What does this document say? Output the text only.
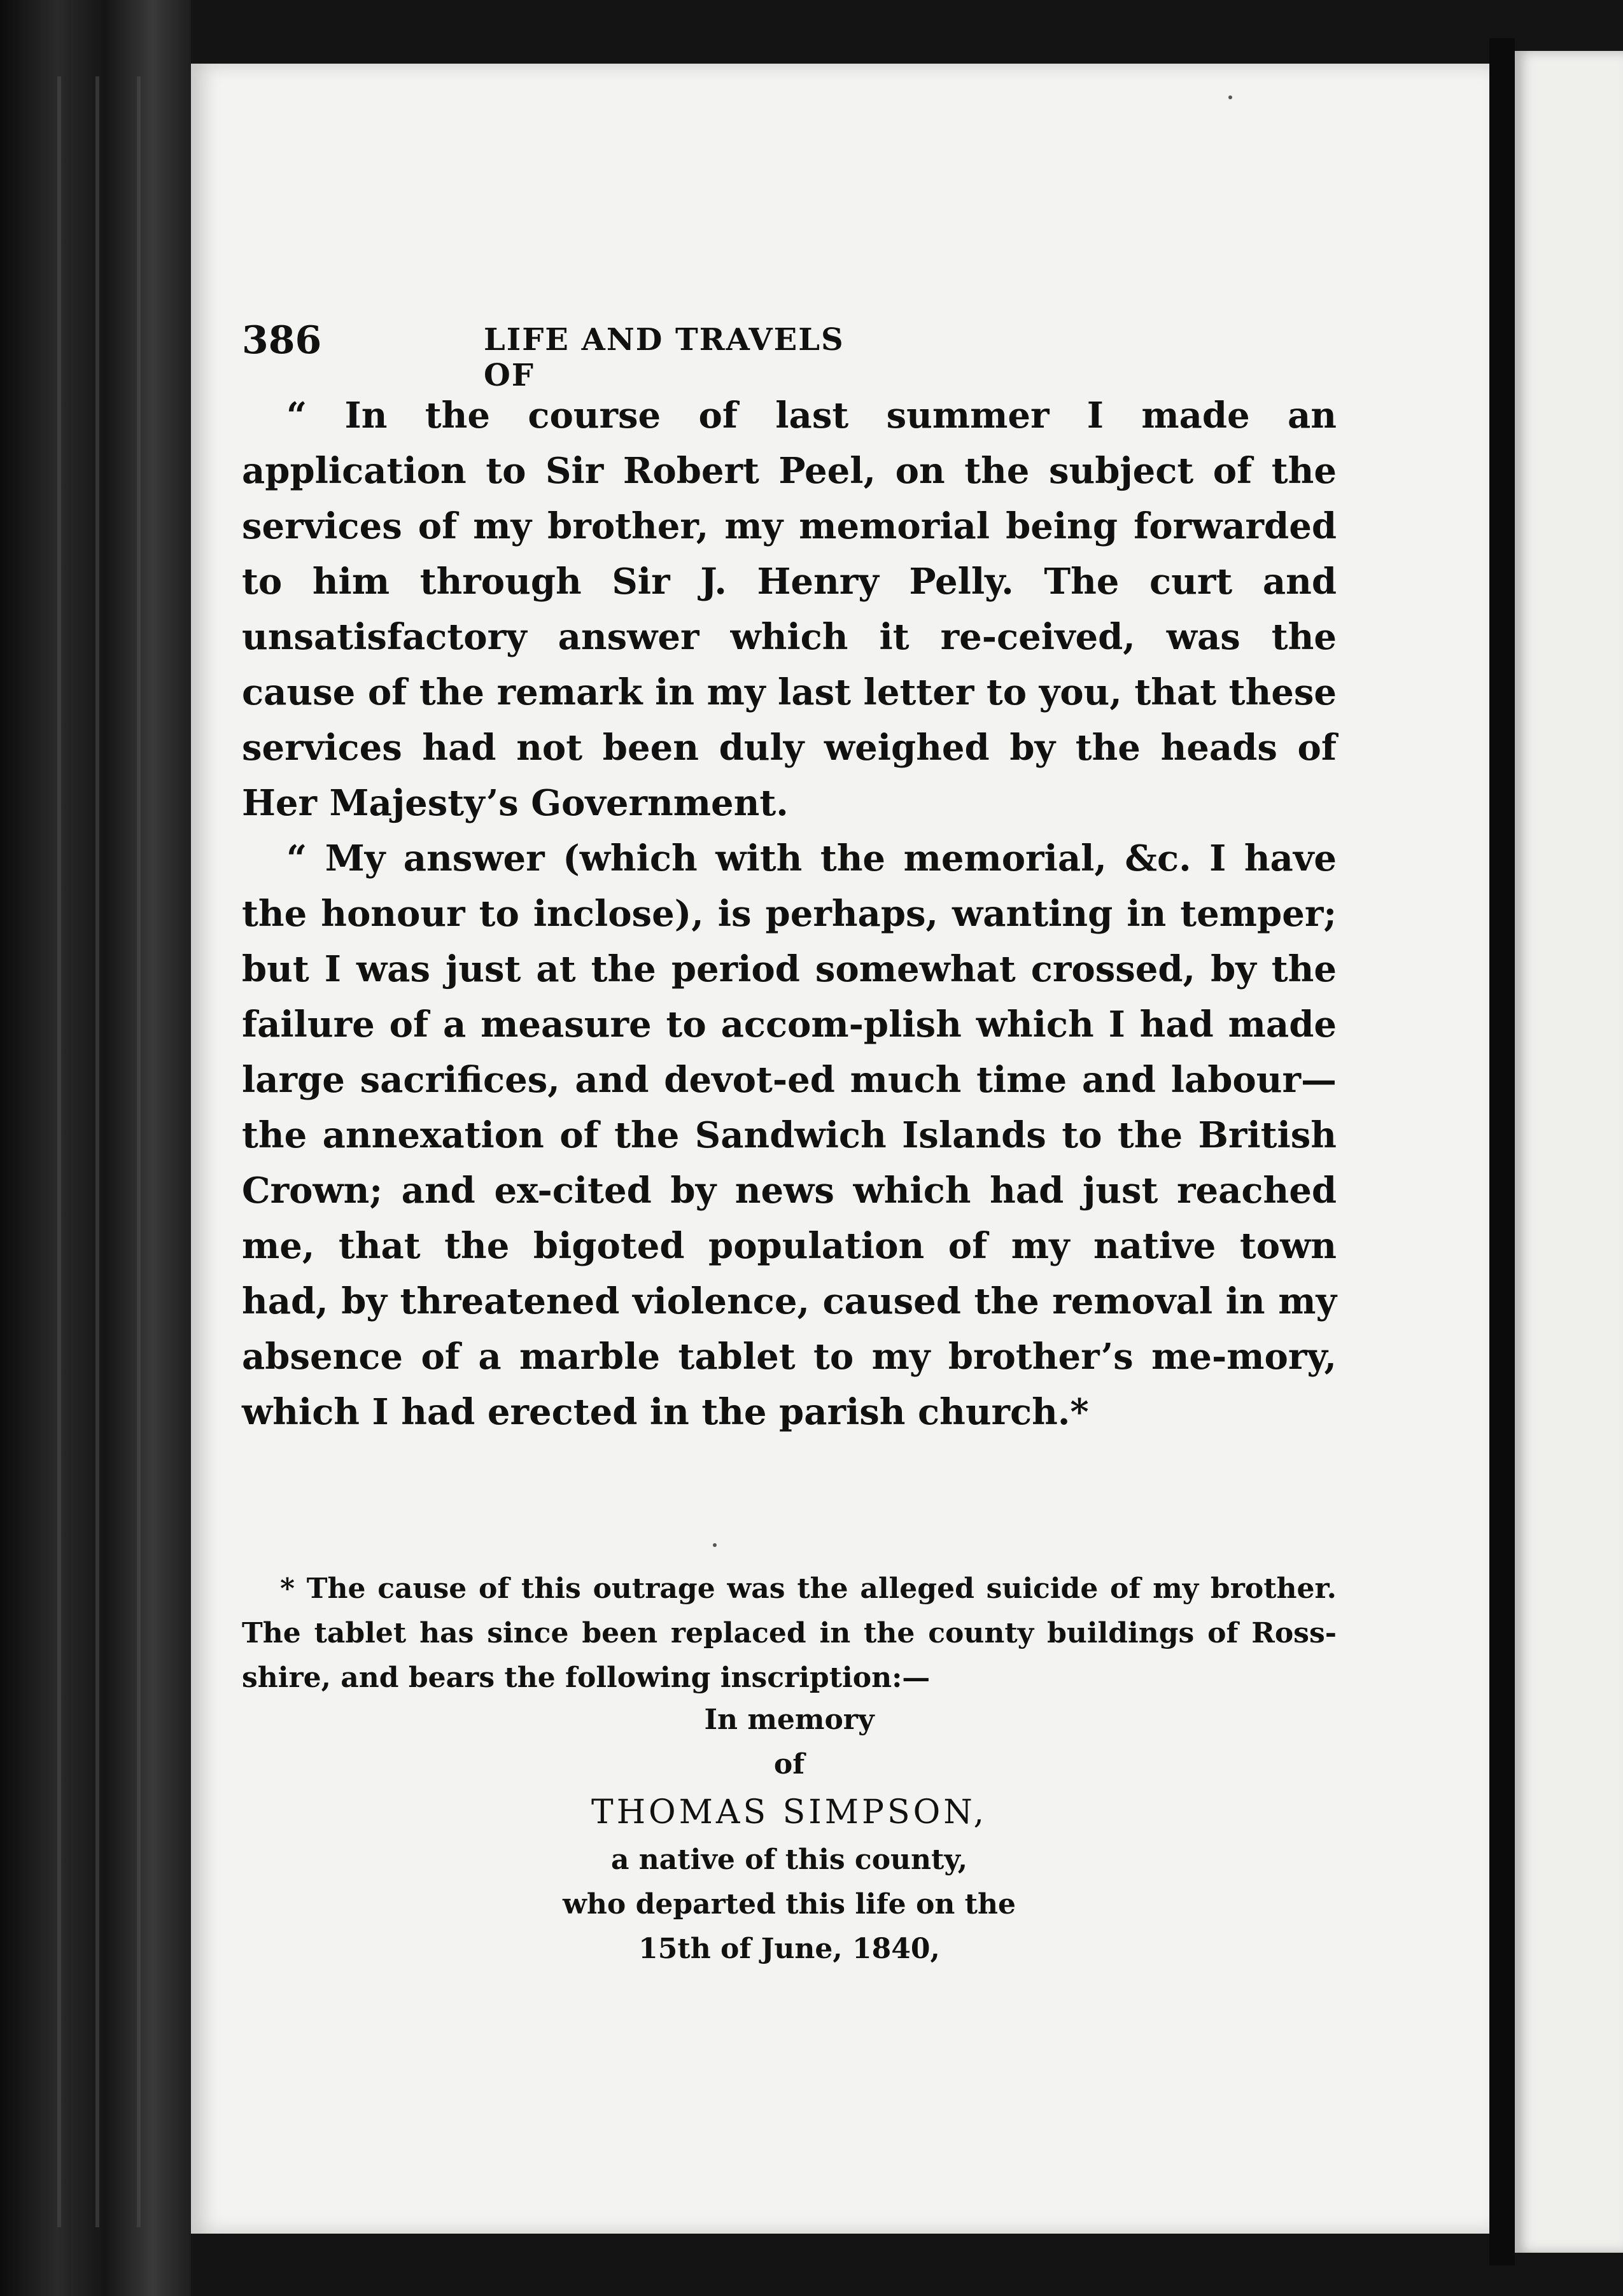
386	LIFE AND TRAVELS OF

“ In the course of last summer I made an application to Sir Robert Peel, on the subject of the services of my brother, my memorial being forwarded to him through Sir J. Henry Pelly. The curt and unsatisfactory answer which it re-ceived, was the cause of the remark in my last letter to you, that these services had not been duly weighed by the heads of Her Majesty’s Government.

“ My answer (which with the memorial, &c. I have the honour to inclose), is perhaps, wanting in temper; but I was just at the period somewhat crossed, by the failure of a measure to accom-plish which I had made large sacrifices, and devot-ed much time and labour—the annexation of the Sandwich Islands to the British Crown; and ex-cited by news which had just reached me, that the bigoted population of my native town had, by threatened violence, caused the removal in my absence of a marble tablet to my brother’s me-mory, which I had erected in the parish church.*

* The cause of this outrage was the alleged suicide of my brother. The tablet has since been replaced in the county buildings of Ross-shire, and bears the following inscription:—

In memory
of
THOMAS SIMPSON,
a native of this county,
who departed this life on the
15th of June, 1840,
